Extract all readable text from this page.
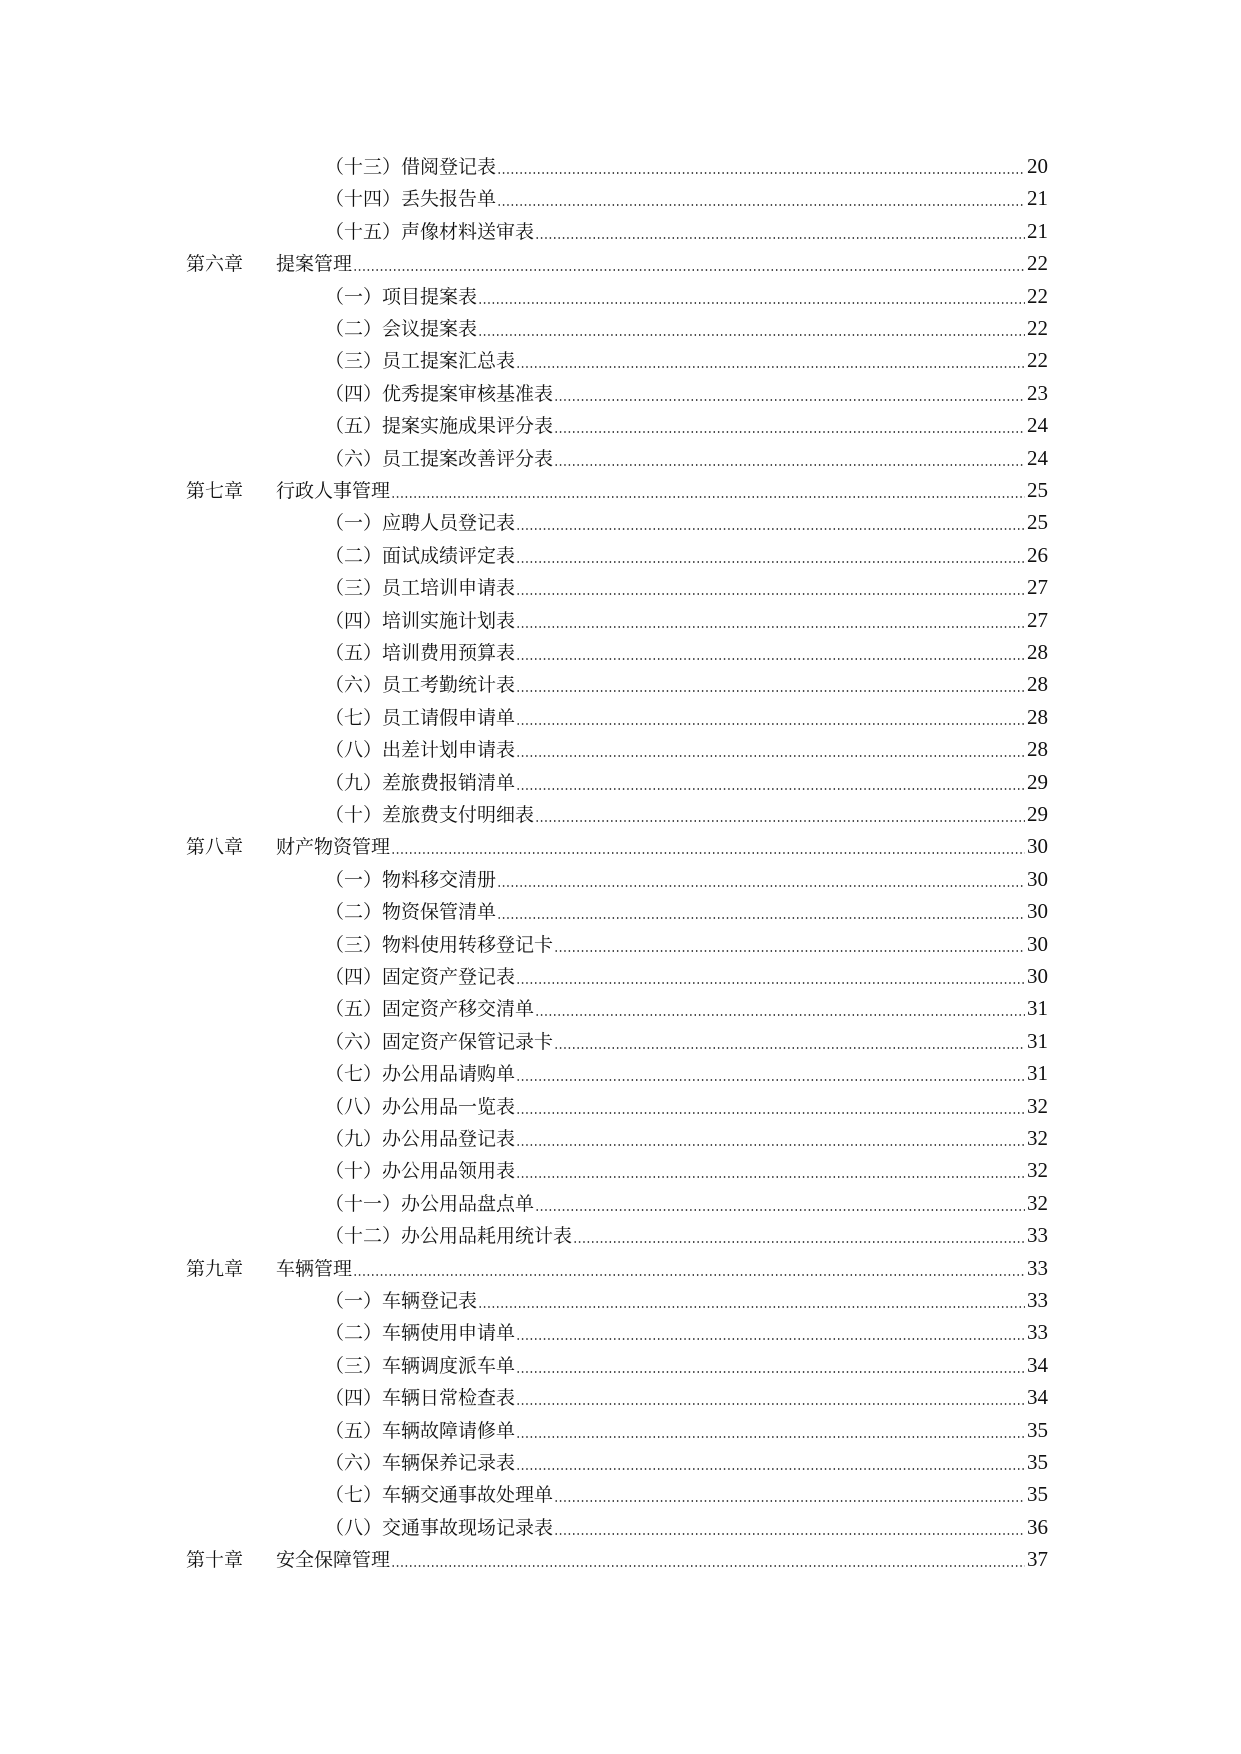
（十三）借阅登记表	20
（十四）丢失报告单	21
（十五）声像材料送审表	21
第六章	提案管理	22
（一）项目提案表	22
（二）会议提案表	22
（三）员工提案汇总表	22
（四）优秀提案审核基准表	23
（五）提案实施成果评分表	24
（六）员工提案改善评分表	24
第七章	行政人事管理	25
（一）应聘人员登记表	25
（二）面试成绩评定表	26
（三）员工培训申请表	27
（四）培训实施计划表	27
（五）培训费用预算表	28
（六）员工考勤统计表	28
（七）员工请假申请单	28
（八）出差计划申请表	28
（九）差旅费报销清单	29
（十）差旅费支付明细表	29
第八章	财产物资管理	30
（一）物料移交清册	30
（二）物资保管清单	30
（三）物料使用转移登记卡	30
（四）固定资产登记表	30
（五）固定资产移交清单	31
（六）固定资产保管记录卡	31
（七）办公用品请购单	31
（八）办公用品一览表	32
（九）办公用品登记表	32
（十）办公用品领用表	32
（十一）办公用品盘点单	32
（十二）办公用品耗用统计表	33
第九章	车辆管理	33
（一）车辆登记表	33
（二）车辆使用申请单	33
（三）车辆调度派车单	34
（四）车辆日常检查表	34
（五）车辆故障请修单	35
（六）车辆保养记录表	35
（七）车辆交通事故处理单	35
（八）交通事故现场记录表	36
第十章	安全保障管理	37
